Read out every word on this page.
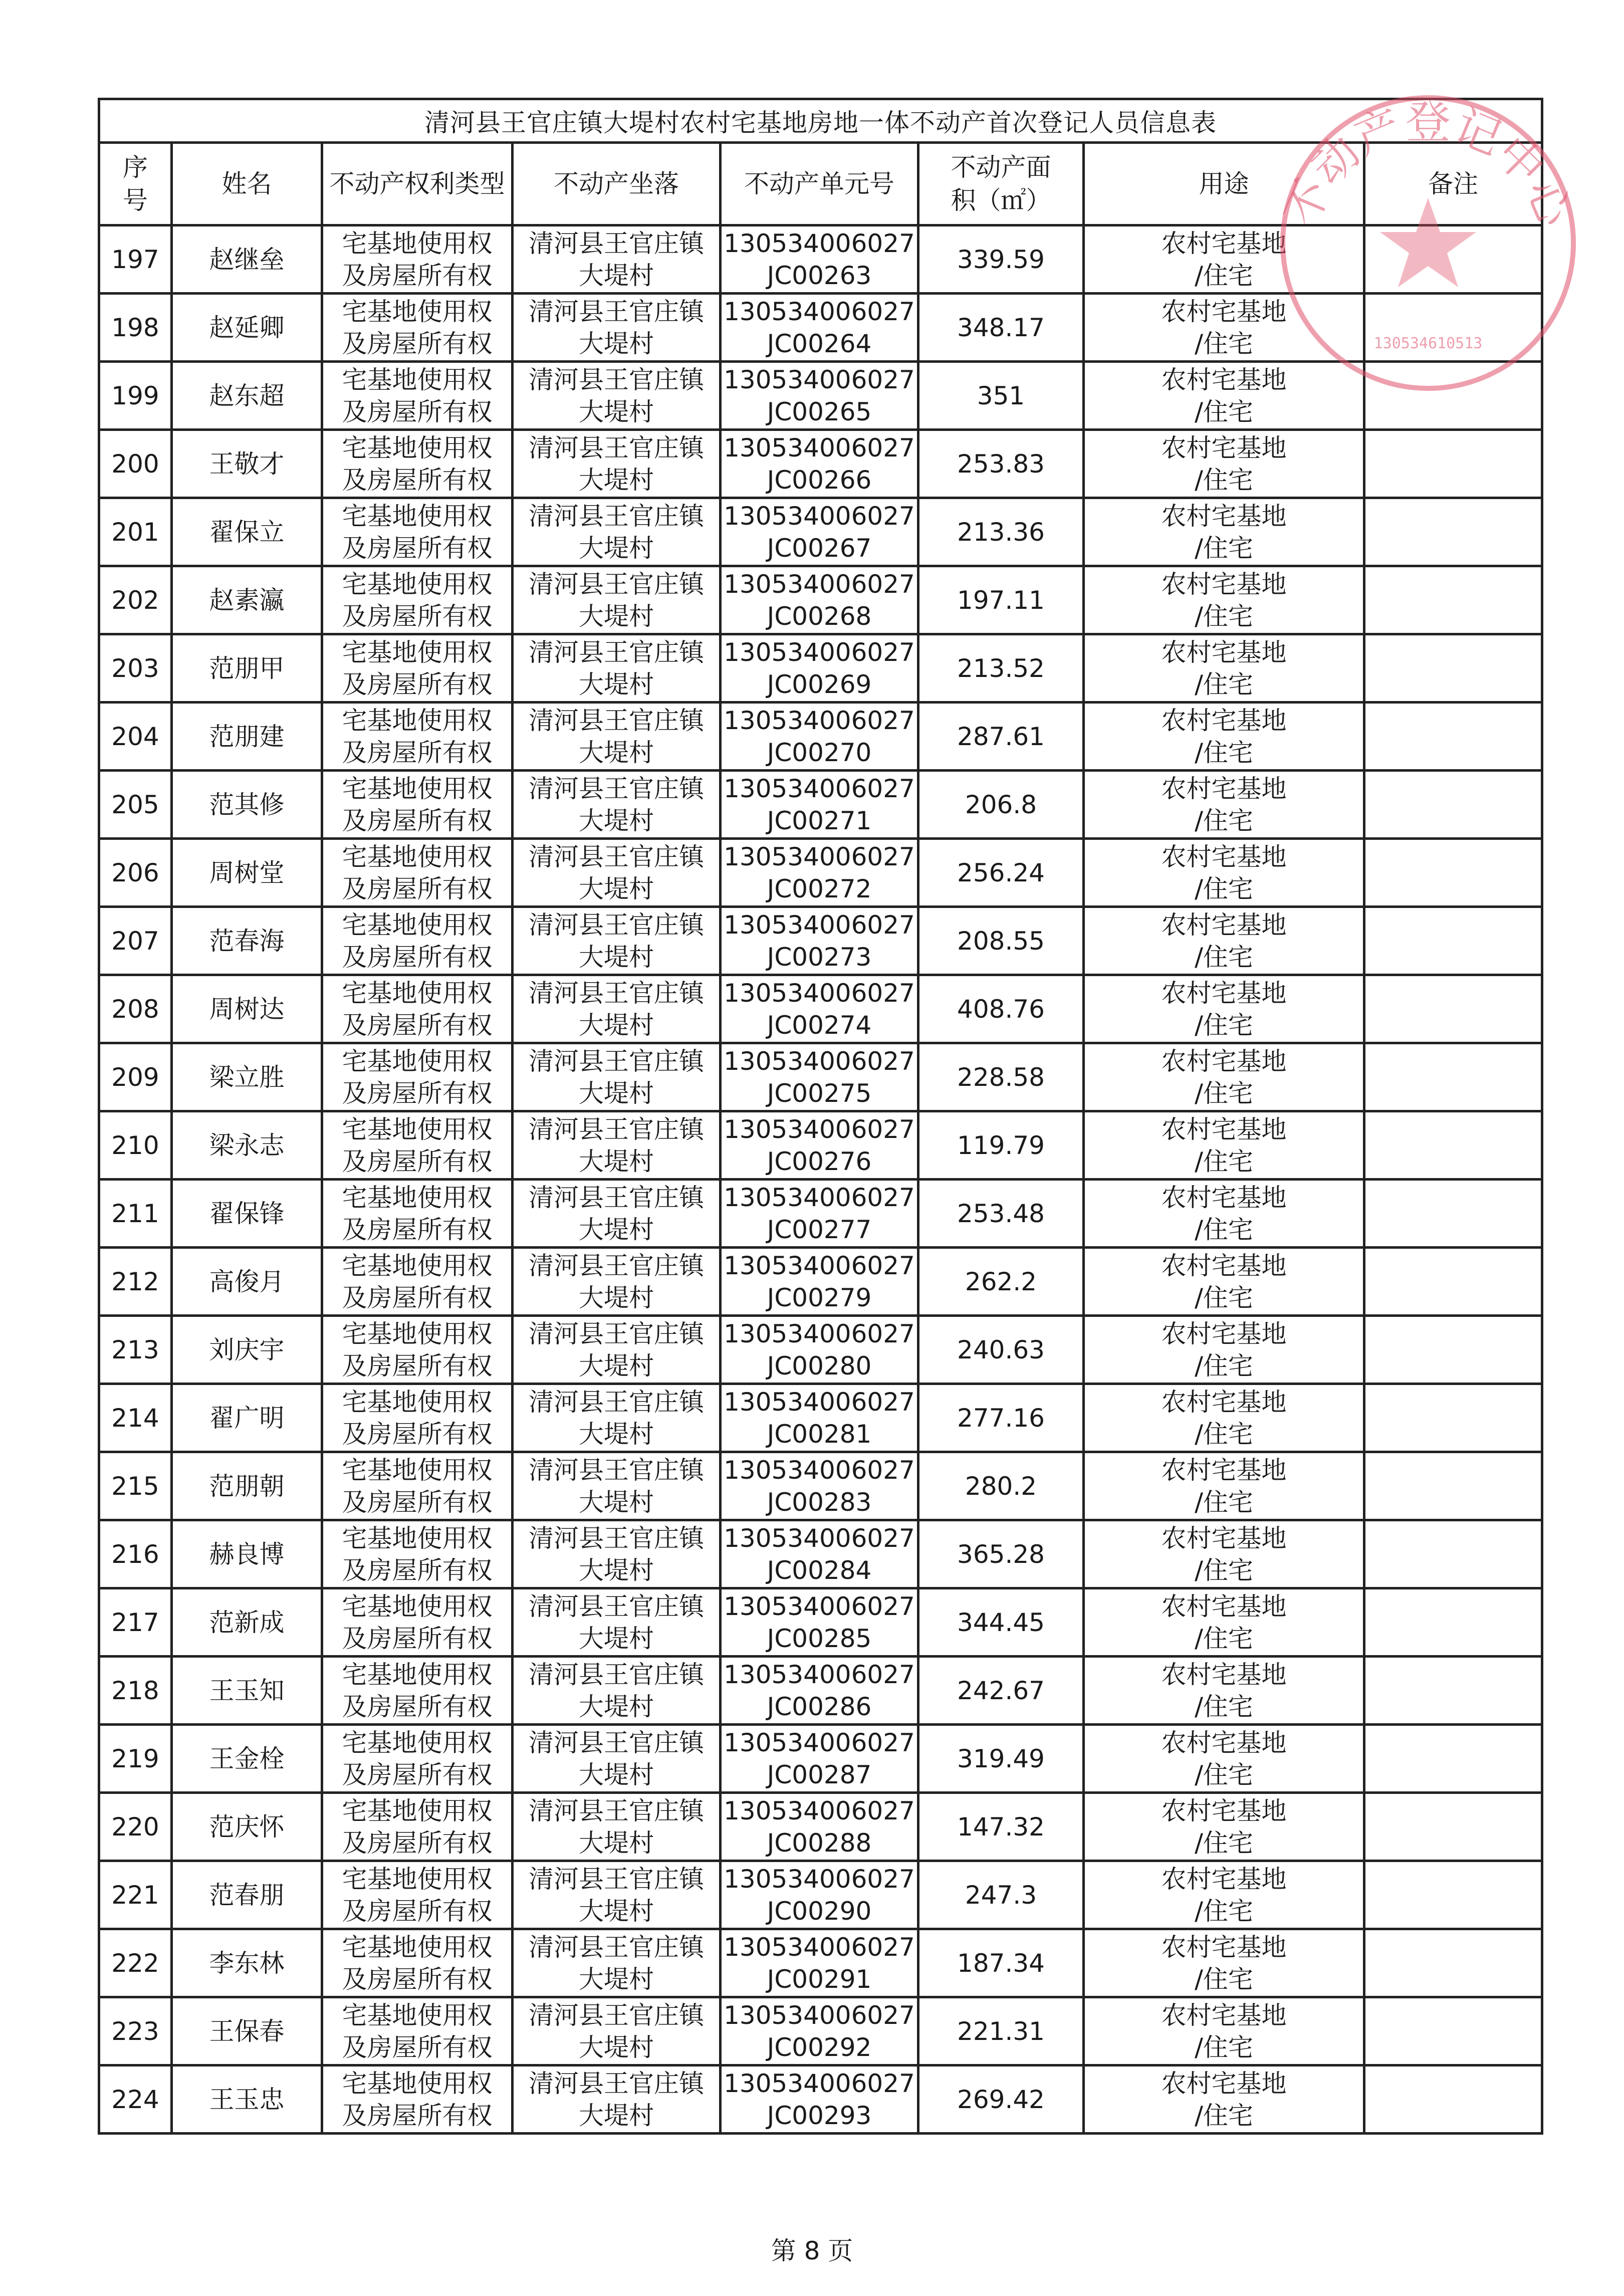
清河县王官庄镇大堤村农村宅基地房地一体不动产首次登记人员信息表							

序
号	姓名	不动产权利类型	不动产坐落	不动产单元号	不动产面
积（㎡）	用途	备注
197	赵继垒	宅基地使用权
及房屋所有权	清河县王官庄镇
大堤村	130534006027
JC00263	339.59	农村宅基地
/住宅	

198	赵延卿	宅基地使用权
及房屋所有权	清河县王官庄镇
大堤村	130534006027
JC00264	348.17	农村宅基地
/住宅	

199	赵东超	宅基地使用权
及房屋所有权	清河县王官庄镇
大堤村	130534006027
JC00265	351	农村宅基地
/住宅	

200	王敬才	宅基地使用权
及房屋所有权	清河县王官庄镇
大堤村	130534006027
JC00266	253.83	农村宅基地
/住宅	

201	翟保立	宅基地使用权
及房屋所有权	清河县王官庄镇
大堤村	130534006027
JC00267	213.36	农村宅基地
/住宅	

202	赵素瀛	宅基地使用权
及房屋所有权	清河县王官庄镇
大堤村	130534006027
JC00268	197.11	农村宅基地
/住宅	

203	范朋甲	宅基地使用权
及房屋所有权	清河县王官庄镇
大堤村	130534006027
JC00269	213.52	农村宅基地
/住宅	

204	范朋建	宅基地使用权
及房屋所有权	清河县王官庄镇
大堤村	130534006027
JC00270	287.61	农村宅基地
/住宅	

205	范其修	宅基地使用权
及房屋所有权	清河县王官庄镇
大堤村	130534006027
JC00271	206.8	农村宅基地
/住宅	

206	周树堂	宅基地使用权
及房屋所有权	清河县王官庄镇
大堤村	130534006027
JC00272	256.24	农村宅基地
/住宅	

207	范春海	宅基地使用权
及房屋所有权	清河县王官庄镇
大堤村	130534006027
JC00273	208.55	农村宅基地
/住宅	

208	周树达	宅基地使用权
及房屋所有权	清河县王官庄镇
大堤村	130534006027
JC00274	408.76	农村宅基地
/住宅	

209	梁立胜	宅基地使用权
及房屋所有权	清河县王官庄镇
大堤村	130534006027
JC00275	228.58	农村宅基地
/住宅	

210	梁永志	宅基地使用权
及房屋所有权	清河县王官庄镇
大堤村	130534006027
JC00276	119.79	农村宅基地
/住宅	

211	翟保锋	宅基地使用权
及房屋所有权	清河县王官庄镇
大堤村	130534006027
JC00277	253.48	农村宅基地
/住宅	

212	高俊月	宅基地使用权
及房屋所有权	清河县王官庄镇
大堤村	130534006027
JC00279	262.2	农村宅基地
/住宅	

213	刘庆宇	宅基地使用权
及房屋所有权	清河县王官庄镇
大堤村	130534006027
JC00280	240.63	农村宅基地
/住宅	

214	翟广明	宅基地使用权
及房屋所有权	清河县王官庄镇
大堤村	130534006027
JC00281	277.16	农村宅基地
/住宅	

215	范朋朝	宅基地使用权
及房屋所有权	清河县王官庄镇
大堤村	130534006027
JC00283	280.2	农村宅基地
/住宅	

216	赫良博	宅基地使用权
及房屋所有权	清河县王官庄镇
大堤村	130534006027
JC00284	365.28	农村宅基地
/住宅	

217	范新成	宅基地使用权
及房屋所有权	清河县王官庄镇
大堤村	130534006027
JC00285	344.45	农村宅基地
/住宅	

218	王玉知	宅基地使用权
及房屋所有权	清河县王官庄镇
大堤村	130534006027
JC00286	242.67	农村宅基地
/住宅	

219	王金栓	宅基地使用权
及房屋所有权	清河县王官庄镇
大堤村	130534006027
JC00287	319.49	农村宅基地
/住宅	

220	范庆怀	宅基地使用权
及房屋所有权	清河县王官庄镇
大堤村	130534006027
JC00288	147.32	农村宅基地
/住宅	

221	范春朋	宅基地使用权
及房屋所有权	清河县王官庄镇
大堤村	130534006027
JC00290	247.3	农村宅基地
/住宅	

222	李东林	宅基地使用权
及房屋所有权	清河县王官庄镇
大堤村	130534006027
JC00291	187.34	农村宅基地
/住宅	

223	王保春	宅基地使用权
及房屋所有权	清河县王官庄镇
大堤村	130534006027
JC00292	221.31	农村宅基地
/住宅	

224	王玉忠	宅基地使用权
及房屋所有权	清河县王官庄镇
大堤村	130534006027
JC00293	269.42	农村宅基地
/住宅	

不动产登记中心
130534610513
第 8 页
